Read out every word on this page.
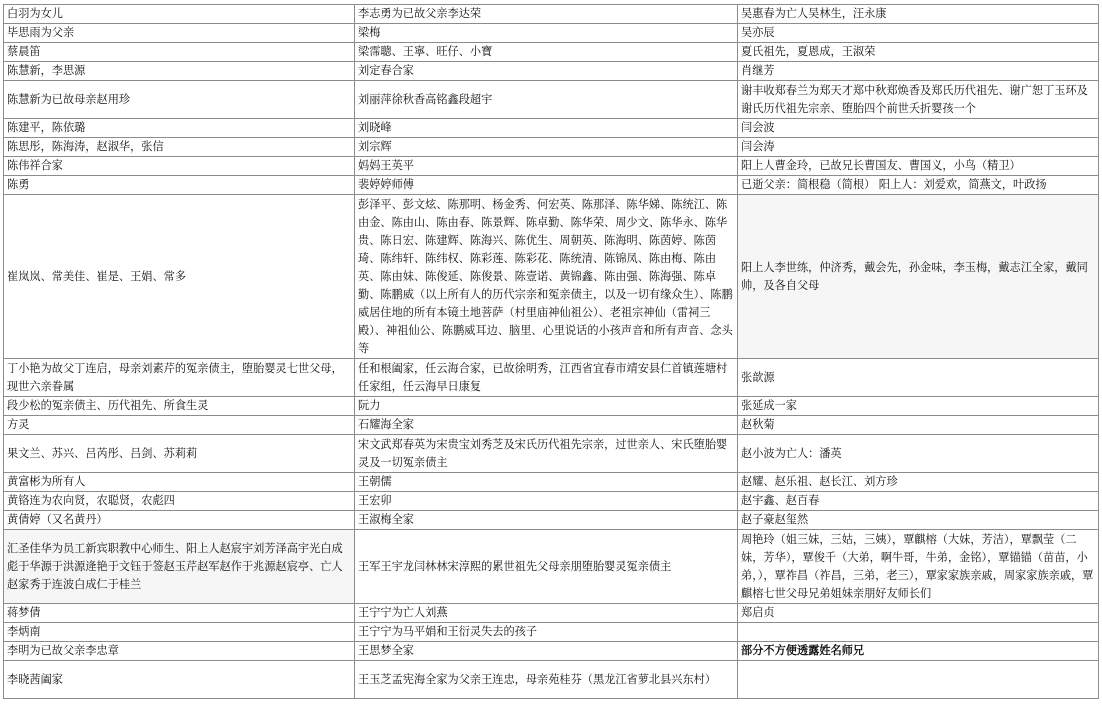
白羽为女儿	李志勇为已故父亲李达荣	吴惠春为亡人吴林生，汪永康
毕思雨为父亲	梁梅	吴亦辰
蔡晨笛	梁霈聰、王寧、旺仔、小寶	夏氏祖先，夏恩成，王淑荣
陈慧新，李思源	刘定春合家	肖继芳
陈慧新为已故母亲赵用珍	刘丽萍徐秋香高铭鑫段超宇	谢丰收郑春兰为郑天才郑中秋郑焕香及郑氏历代祖先、谢广恕丁玉环及谢氏历代祖先宗亲、堕胎四个前世夭折婴孩一个
陈建平，陈依璐	刘晓峰	闫会波
陈思彤，陈海涛，赵淑华，张信	刘宗辉	闫会涛
陈伟祥合家	妈妈王英平	阳上人曹金玲，已故兄长曹国友、曹国义，小鸟（精卫）
陈勇	裴婷婷师傅	已逝父亲：简根稳（简根） 阳上人：刘爱欢，简燕文，叶政扬
崔岚岚、常美佳、崔是、王娟、常多	彭泽平、彭文炫、陈那明、杨金秀、何宏英、陈那泽、陈华娣、陈统江、陈由金、陈由山、陈由春、陈景辉、陈卓勤、陈华荣、周少文、陈华永、陈华贵、陈日宏、陈建辉、陈海兴、陈优生、周朝英、陈海明、陈茵婷、陈茵琦、陈纬轩、陈纬权、陈彩莲、陈彩花、陈统清、陈锦凤、陈由梅、陈由英、陈由妹、陈俊延、陈俊景、陈壹诺、黄锦鑫、陈由强、陈海强、陈卓勤、陈鹏威（以上所有人的历代宗亲和冤亲债主，以及一切有缘众生）、陈鹏威居住地的所有本镜土地菩萨（村里庙神仙祖公）、老祖宗神仙（雷祠三殿）、神祖仙公、陈鹏威耳边、脑里、心里说话的小孩声音和所有声音、念头等	阳上人李世练，仲济秀，戴会先，孙金味，李玉梅，戴志江全家，戴同帅，及各自父母
丁小艳为故父丁连启，母亲刘素芹的冤亲债主，堕胎婴灵七世父母，现世六亲眷属	任和根阖家，任云海合家，已故徐明秀，江西省宜春市靖安县仁首镇莲塘村任家组，任云海早日康复	张歆源
段少松的冤亲债主、历代祖先、所食生灵	阮力	张延成一家
方灵	石耀海全家	赵秋菊
果文兰、苏兴、吕芮彤、吕剑、苏莉莉	宋文武郑春英为宋贵宝刘秀芝及宋氏历代祖先宗亲，过世亲人、宋氏堕胎婴灵及一切冤亲债主	赵小波为亡人：潘英
黄富彬为所有人	王朝儒	赵耀、赵乐祖、赵长江、刘方珍
黄铬连为农向贤，农聪贤，农彪四	王宏卯	赵宇鑫、赵百春
黄倩婷（又名黄丹）	王淑梅全家	赵子豪赵玺然
汇圣佳华为员工新宾职教中心师生、阳上人赵宸宇刘芳泽高宇光白成彪于华源于洪源逄艳于文钰于签赵玉芹赵军赵作于兆源赵宸亭、亡人赵家秀于连波白成仁于桂兰	王军王宇龙闫林林宋淳熙的累世祖先父母亲朋堕胎婴灵冤亲债主	周艳玲（姐三妹，三姑，三姨），覃麒榕（大妹，芳洁），覃飘莹（二妹，芳华），覃俊千（大弟，啊牛哥，牛弟，金铭），覃锚锚（苗苗，小弟，），覃祚昌（祚昌，三弟，老三），覃家家族亲戚，周家家族亲戚，覃麒榕七世父母兄弟姐妹亲朋好友师长们
蒋梦倩	王宁宁为亡人刘燕	郑启贞
李炳南	王宁宁为马平娟和王衍灵失去的孩子	
李明为已故父亲李忠章	王思梦全家	部分不方便透露姓名师兄
李晓茜阖家	王玉芝孟宪海全家为父亲王连忠，母亲苑桂芬（黑龙江省萝北县兴东村）	
